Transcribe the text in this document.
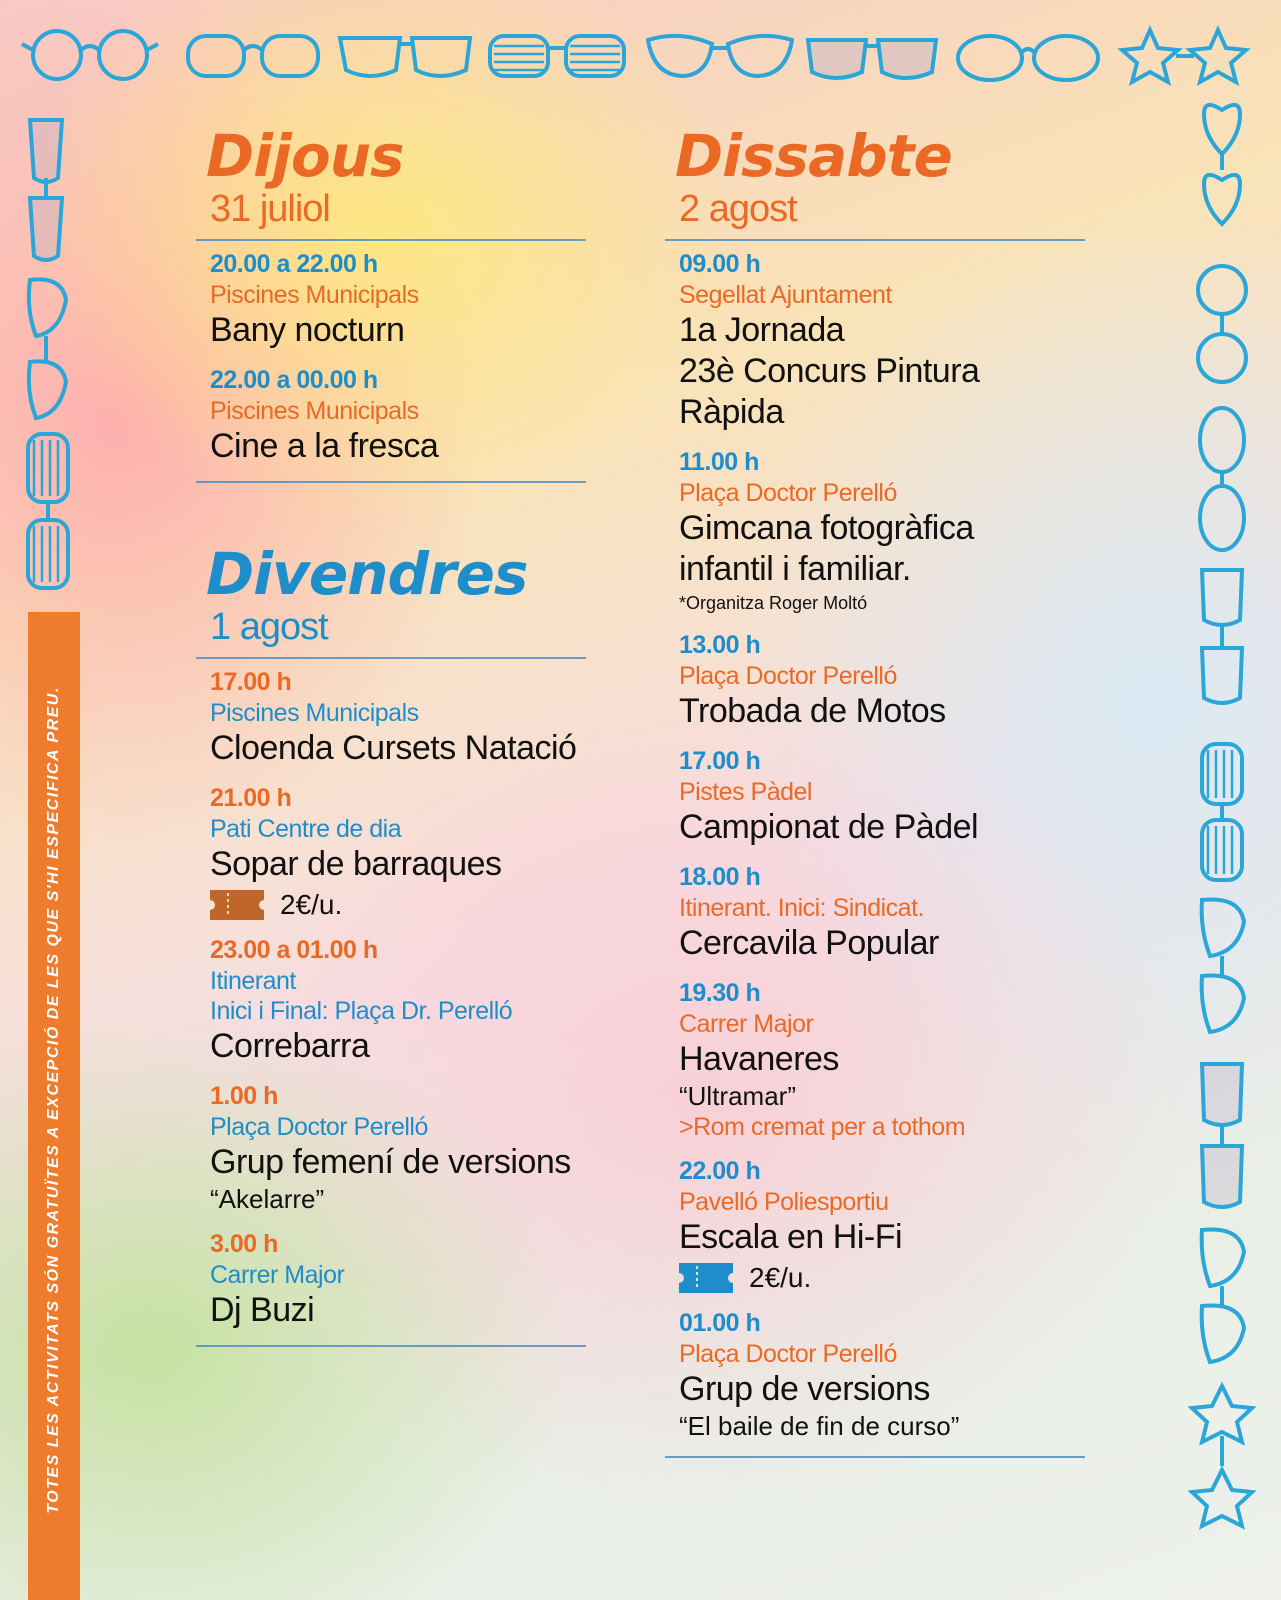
TOTES LES ACTIVITATS SÓN GRATUÏTES A EXCEPCIÓ DE LES QUE S'HI ESPECIFICA PREU.
Dijous
31 juliol
20.00 a 22.00 h
Piscines Municipals
Bany nocturn
22.00 a 00.00 h
Piscines Municipals
Cine a la fresca
Divendres
1 agost
17.00 h
Piscines Municipals
Cloenda Cursets Natació
21.00 h
Pati Centre de dia
Sopar de barraques
2€/u.
23.00 a 01.00 h
Itinerant
Inici i Final: Plaça Dr. Perelló
Correbarra
1.00 h
Plaça Doctor Perelló
Grup femení de versions
“Akelarre”
3.00 h
Carrer Major
Dj Buzi
Dissabte
2 agost
09.00 h
Segellat Ajuntament
1a Jornada
23è Concurs Pintura Ràpida
11.00 h
Plaça Doctor Perelló
Gimcana fotogràfica
infantil i familiar.
*Organitza Roger Moltó
13.00 h
Plaça Doctor Perelló
Trobada de Motos
17.00 h
Pistes Pàdel
Campionat de Pàdel
18.00 h
Itinerant. Inici: Sindicat.
Cercavila Popular
19.30 h
Carrer Major
Havaneres
“Ultramar”
>Rom cremat per a tothom
22.00 h
Pavelló Poliesportiu
Escala en Hi-Fi
2€/u.
01.00 h
Plaça Doctor Perelló
Grup de versions
“El baile de fin de curso”
